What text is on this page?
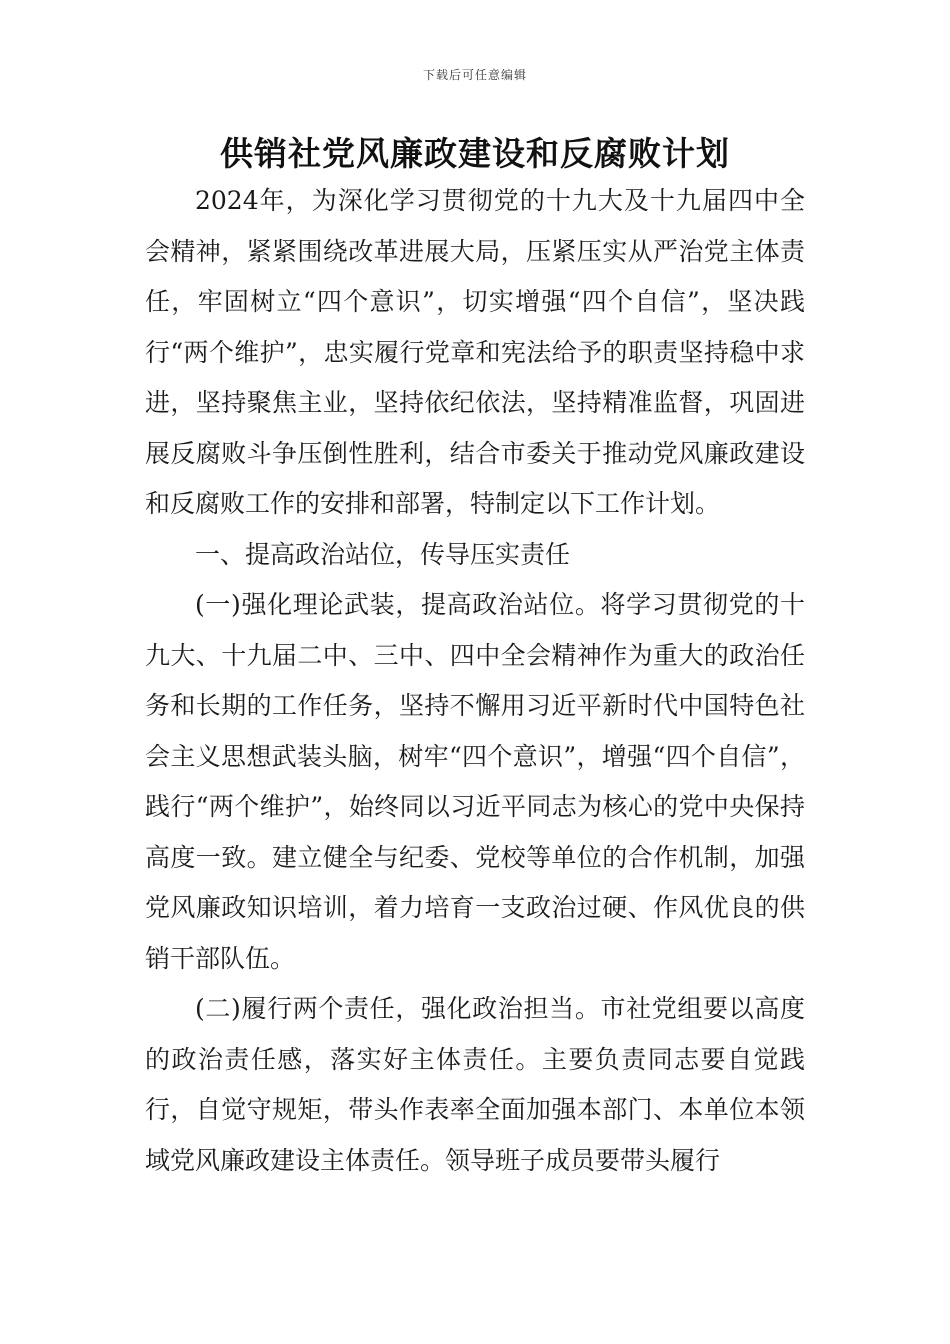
下载后可任意编辑
供销社党风廉政建设和反腐败计划

2024年，为深化学习贯彻党的十九大及十九届四中全会精神，紧紧围绕改革进展大局，压紧压实从严治党主体责任，牢固树立“四个意识”，切实增强“四个自信”，坚决践行“两个维护”，忠实履行党章和宪法给予的职责坚持稳中求进，坚持聚焦主业，坚持依纪依法，坚持精准监督，巩固进展反腐败斗争压倒性胜利，结合市委关于推动党风廉政建设和反腐败工作的安排和部署，特制定以下工作计划。

一、提高政治站位，传导压实责任

(一)强化理论武装，提高政治站位。将学习贯彻党的十九大、十九届二中、三中、四中全会精神作为重大的政治任务和长期的工作任务，坚持不懈用习近平新时代中国特色社会主义思想武装头脑，树牢“四个意识”，增强“四个自信”，践行“两个维护”，始终同以习近平同志为核心的党中央保持高度一致。建立健全与纪委、党校等单位的合作机制，加强党风廉政知识培训，着力培育一支政治过硬、作风优良的供销干部队伍。

(二)履行两个责任，强化政治担当。市社党组要以高度的政治责任感，落实好主体责任。主要负责同志要自觉践行，自觉守规矩，带头作表率全面加强本部门、本单位本领域党风廉政建设主体责任。领导班子成员要带头履行
